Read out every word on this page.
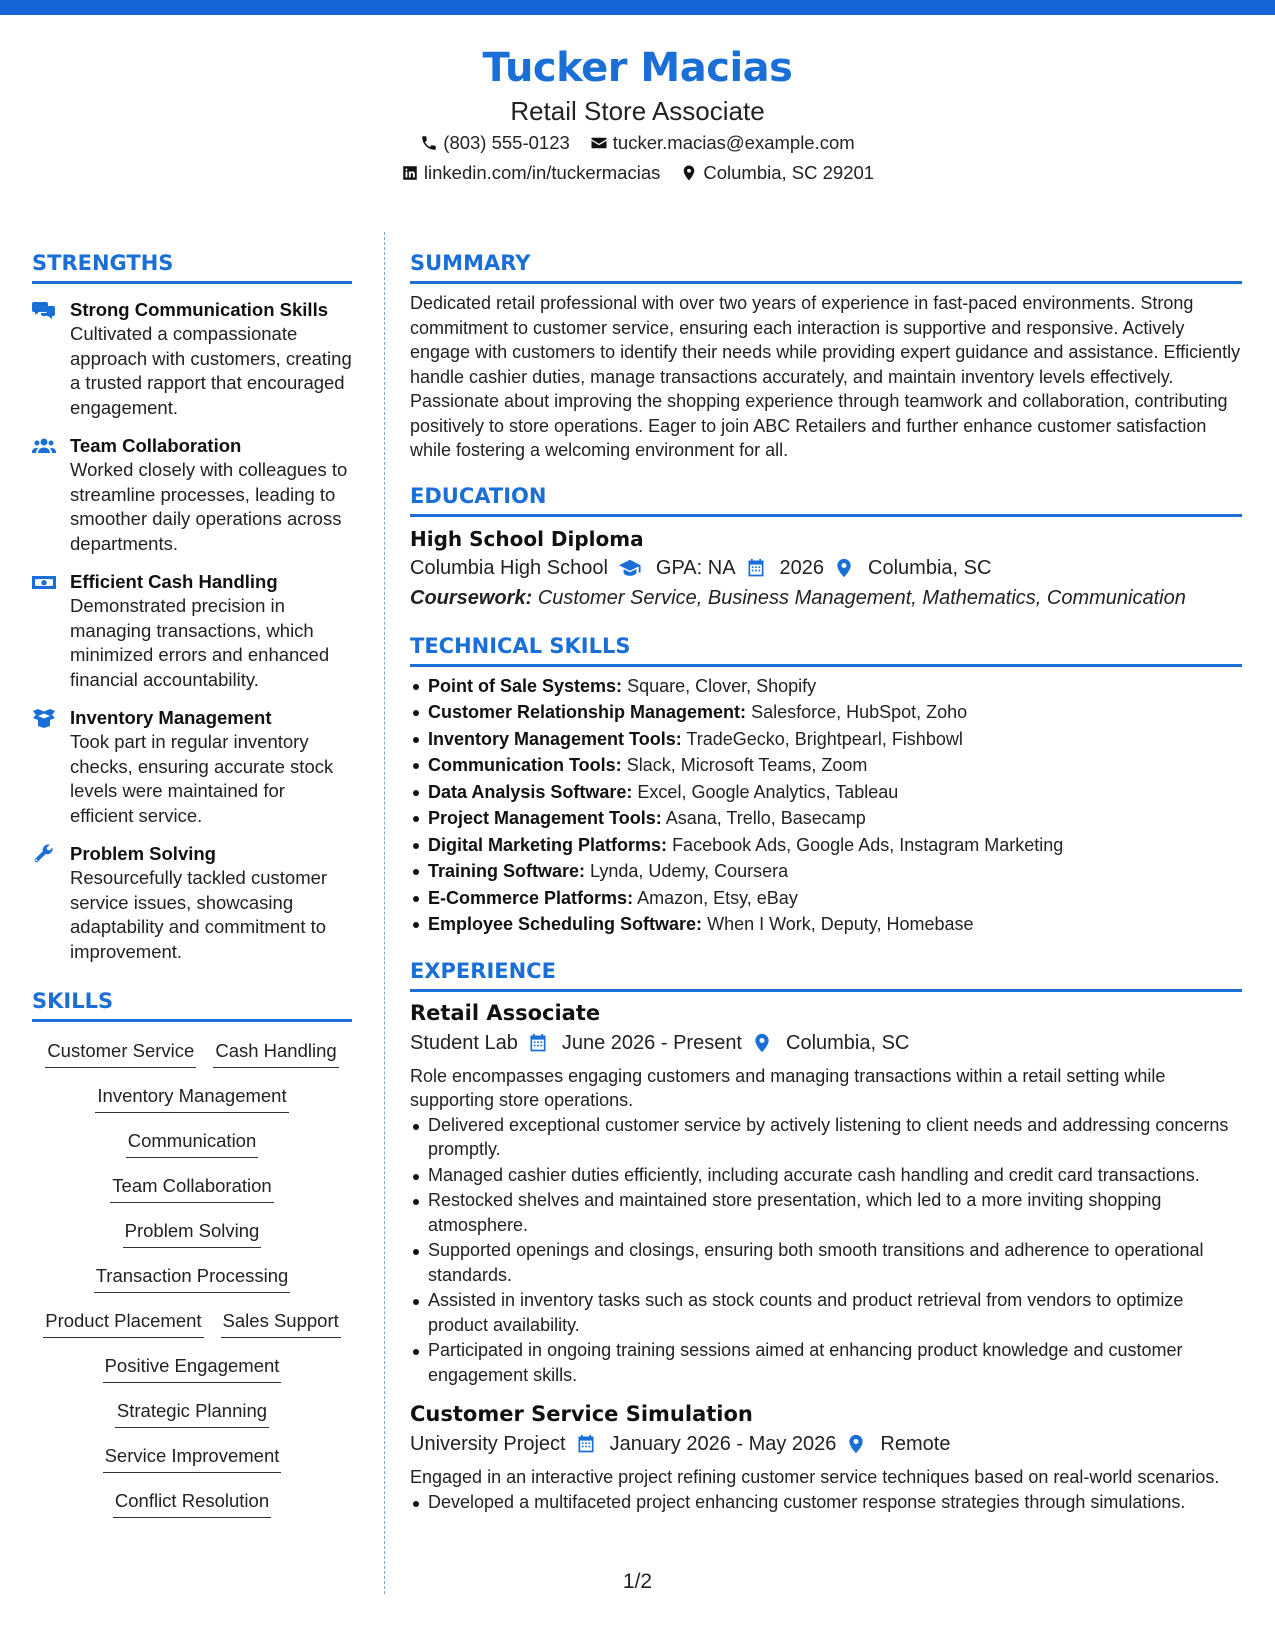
Tucker Macias
Retail Store Associate
(803) 555-0123 tucker.macias@example.com
linkedin.com/in/tuckermacias Columbia, SC 29201
STRENGTHS
Strong Communication Skills
Cultivated a compassionate approach with customers, creating a trusted rapport that encouraged engagement.
Team Collaboration
Worked closely with colleagues to streamline processes, leading to smoother daily operations across departments.
Efficient Cash Handling
Demonstrated precision in managing transactions, which minimized errors and enhanced financial accountability.
Inventory Management
Took part in regular inventory checks, ensuring accurate stock levels were maintained for efficient service.
Problem Solving
Resourcefully tackled customer service issues, showcasing adaptability and commitment to improvement.
SKILLS
Customer Service Cash Handling
Inventory Management
Communication
Team Collaboration
Problem Solving
Transaction Processing
Product Placement Sales Support
Positive Engagement
Strategic Planning
Service Improvement
Conflict Resolution
SUMMARY
Dedicated retail professional with over two years of experience in fast-paced environments. Strong commitment to customer service, ensuring each interaction is supportive and responsive. Actively engage with customers to identify their needs while providing expert guidance and assistance. Efficiently handle cashier duties, manage transactions accurately, and maintain inventory levels effectively. Passionate about improving the shopping experience through teamwork and collaboration, contributing positively to store operations. Eager to join ABC Retailers and further enhance customer satisfaction while fostering a welcoming environment for all.
EDUCATION
High School Diploma
Columbia High School GPA: NA 2026 Columbia, SC
Coursework: Customer Service, Business Management, Mathematics, Communication
TECHNICAL SKILLS
Point of Sale Systems: Square, Clover, Shopify
Customer Relationship Management: Salesforce, HubSpot, Zoho
Inventory Management Tools: TradeGecko, Brightpearl, Fishbowl
Communication Tools: Slack, Microsoft Teams, Zoom
Data Analysis Software: Excel, Google Analytics, Tableau
Project Management Tools: Asana, Trello, Basecamp
Digital Marketing Platforms: Facebook Ads, Google Ads, Instagram Marketing
Training Software: Lynda, Udemy, Coursera
E-Commerce Platforms: Amazon, Etsy, eBay
Employee Scheduling Software: When I Work, Deputy, Homebase
EXPERIENCE
Retail Associate
Student Lab June 2026 - Present Columbia, SC
Role encompasses engaging customers and managing transactions within a retail setting while supporting store operations.
Delivered exceptional customer service by actively listening to client needs and addressing concerns promptly.
Managed cashier duties efficiently, including accurate cash handling and credit card transactions.
Restocked shelves and maintained store presentation, which led to a more inviting shopping atmosphere.
Supported openings and closings, ensuring both smooth transitions and adherence to operational standards.
Assisted in inventory tasks such as stock counts and product retrieval from vendors to optimize product availability.
Participated in ongoing training sessions aimed at enhancing product knowledge and customer engagement skills.
Customer Service Simulation
University Project January 2026 - May 2026 Remote
Engaged in an interactive project refining customer service techniques based on real-world scenarios.
Developed a multifaceted project enhancing customer response strategies through simulations.
1/2
